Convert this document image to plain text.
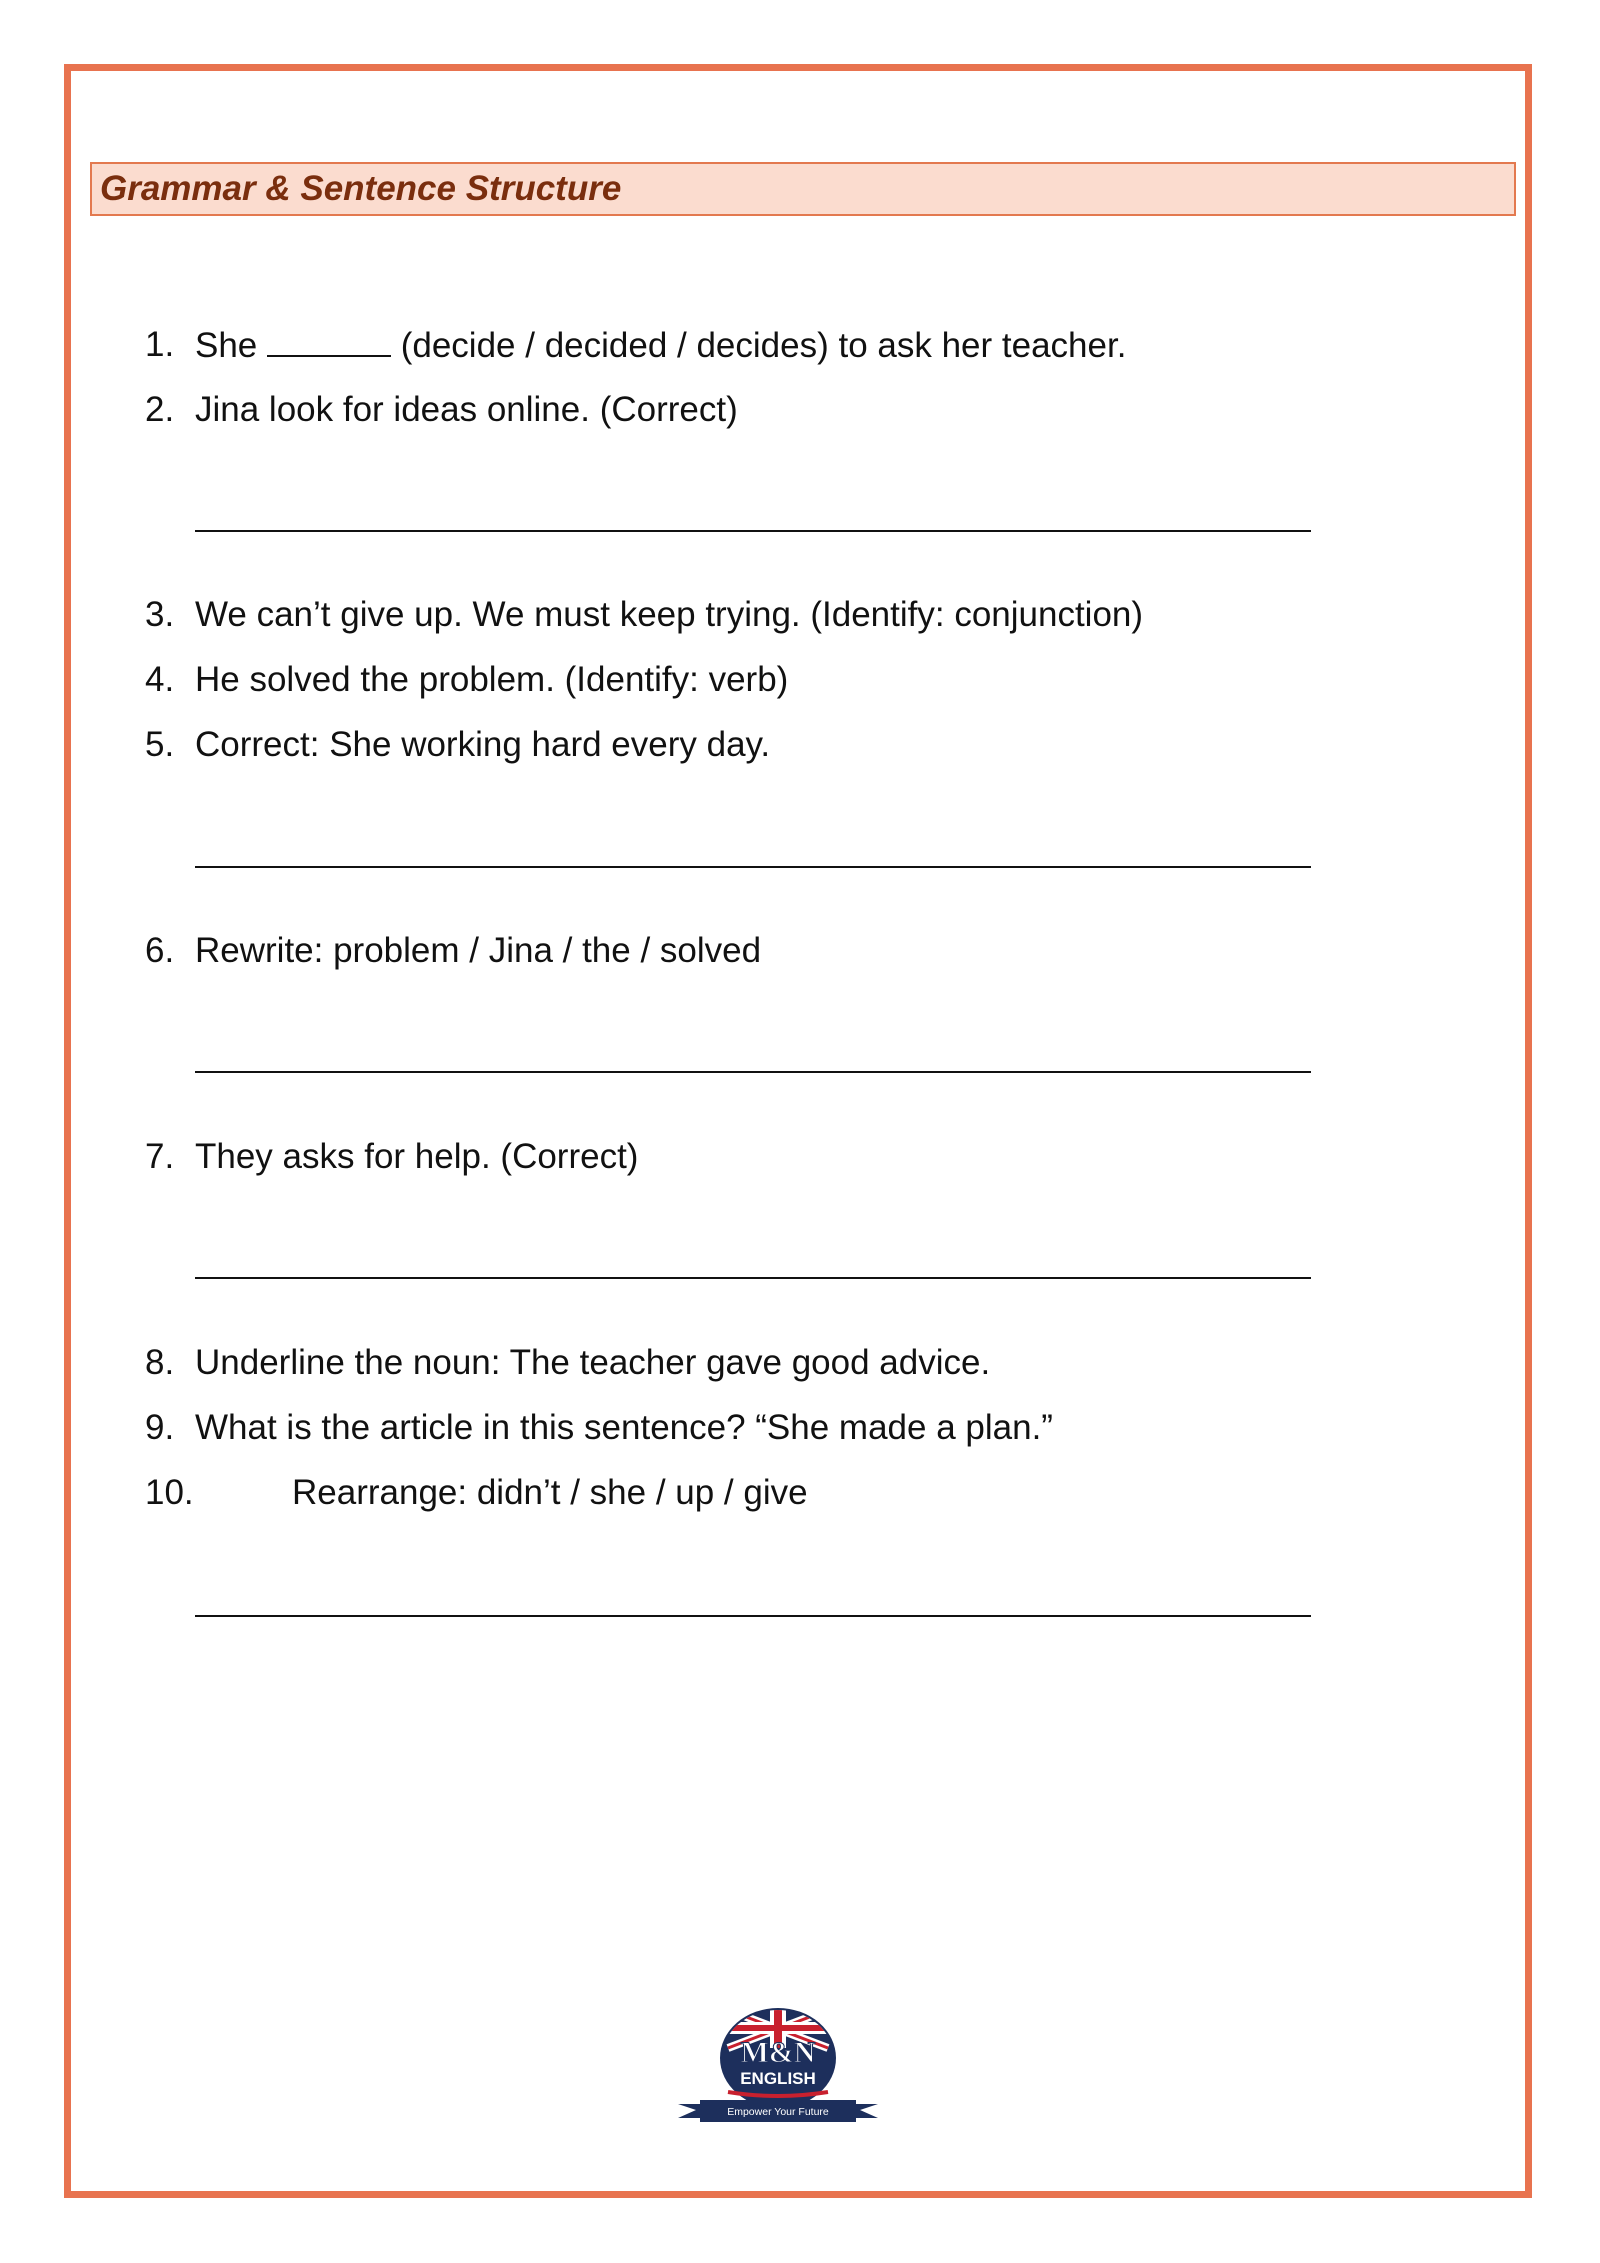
Grammar & Sentence Structure
1. She	(decide / decided / decides) to ask her teacher.
2. Jina look for ideas online. (Correct)
3. We can’t give up. We must keep trying. (Identify: conjunction)
4. He solved the problem. (Identify: verb)
5. Correct: She working hard every day.
6. Rewrite: problem / Jina / the / solved
7. They asks for help. (Correct)
8. Underline the noun: The teacher gave good advice.
9. What is the article in this sentence? “She made a plan.”
10.	Rearrange: didn’t / she / up / give
M&N
ENGLISH
Empower Your Future
